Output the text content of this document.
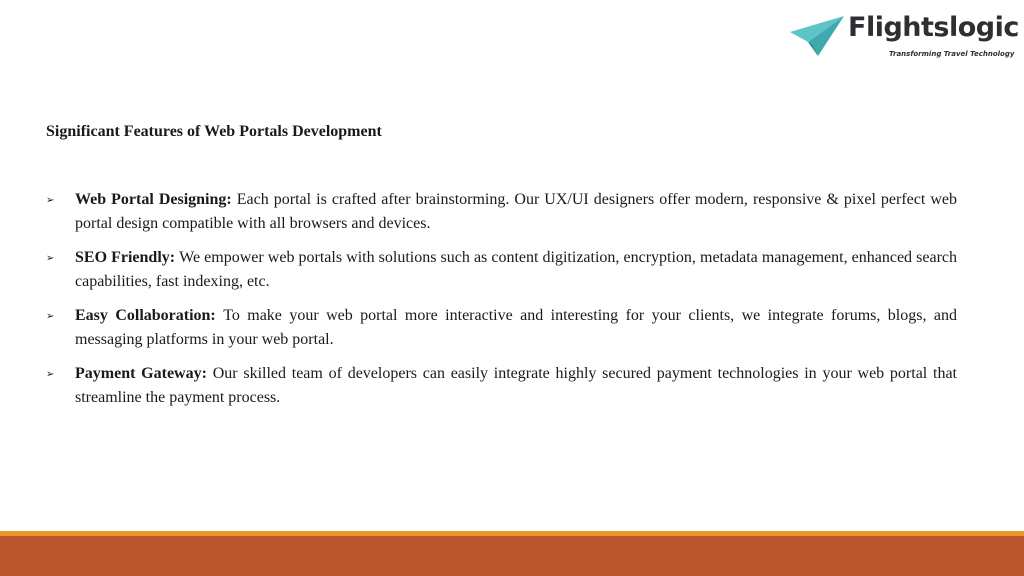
Flightslogic
Transforming Travel Technology
Significant Features of Web Portals Development
➢ Web Portal Designing: Each portal is crafted after brainstorming. Our UX/UI designers offer modern, responsive & pixel perfect web portal design compatible with all browsers and devices.
➢ SEO Friendly: We empower web portals with solutions such as content digitization, encryption, metadata management, enhanced search capabilities, fast indexing, etc.
➢ Easy Collaboration: To make your web portal more interactive and interesting for your clients, we integrate forums, blogs, and messaging platforms in your web portal.
➢ Payment Gateway: Our skilled team of developers can easily integrate highly secured payment technologies in your web portal that streamline the payment process.
